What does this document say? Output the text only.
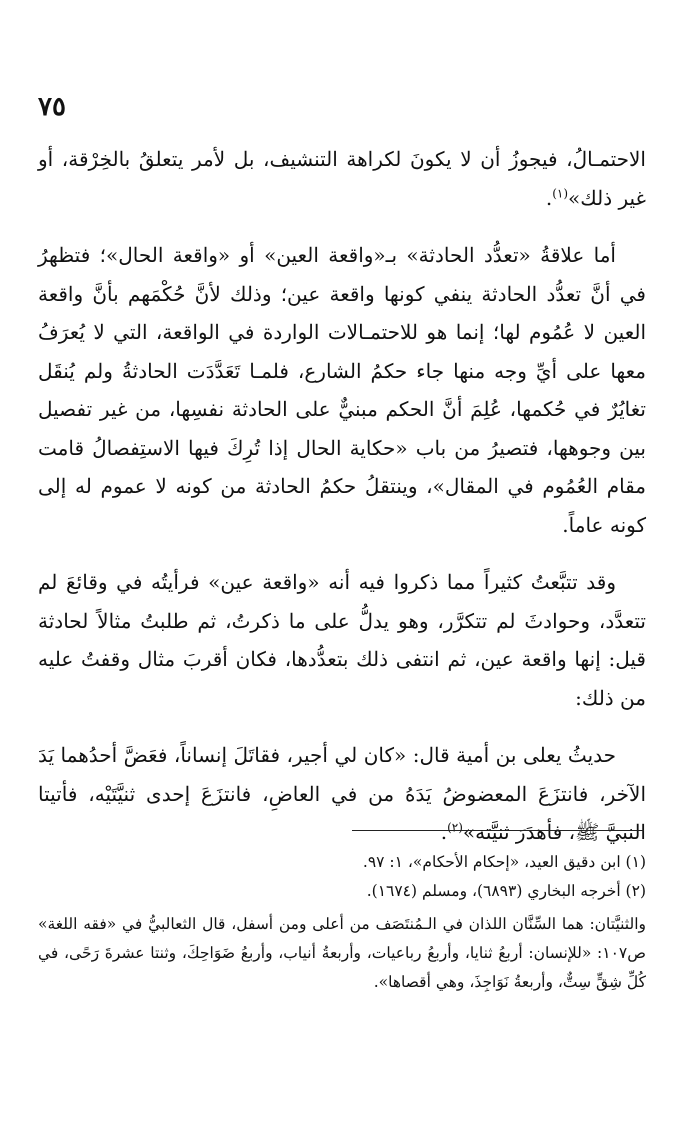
٧٥

الاحتمـالُ، فيجوزُ أن لا يكونَ لكراهة التنشيف، بل لأمر يتعلقُ بالخِرْقة، أو غير ذلك»$^{(١)}$.

أما علاقةُ «تعدُّد الحادثة» بـ«واقعة العين» أو «واقعة الحال»؛ فتظهرُ في أنَّ تعدُّد الحادثة ينفي كونها واقعة عين؛ وذلك لأنَّ حُكْمَهم بأنَّ واقعة العين لا عُمُوم لها؛ إنما هو للاحتمـالات الواردة في الواقعة، التي لا يُعرَفُ معها على أيِّ وجه منها جاء حكمُ الشارع، فلمـا تَعَدَّدَت الحادثةُ ولم يُنقَل تغايُرٌ في حُكمها، عُلِمَ أنَّ الحكم مبنيٌّ على الحادثة نفسِها، من غير تفصيل بين وجوهها، فتصيرُ من باب «حكاية الحال إذا تُرِكَ فيها الاستِفصالُ قامت مقام العُمُوم في المقال»، وينتقلُ حكمُ الحادثة من كونه لا عموم له إلى كونه عاماً.

وقد تتبَّعتُ كثيراً مما ذكروا فيه أنه «واقعة عين» فرأيتُه في وقائعَ لم تتعدَّد، وحوادثَ لم تتكرَّر، وهو يدلُّ على ما ذكرتُ، ثم طلبتُ مثالاً لحادثة قيل: إنها واقعة عين، ثم انتفى ذلك بتعدُّدها، فكان أقربَ مثال وقفتُ عليه من ذلك:

حديثُ يعلى بن أمية قال: «كان لي أجير، فقاتَلَ إنساناً، فعَضَّ أحدُهما يَدَ الآخر، فانتزَعَ المعضوضُ يَدَهُ من في العاضِ، فانتزَعَ إحدى ثنيَّتَيْه، فأتيتا النبيَّ ﷺ، فأهدَرَ ثنيَّته»$^{(٢)}$.

(١) ابن دقيق العيد، «إحكام الأحكام»، ١: ٩٧.

(٢) أخرجه البخاري (٦٨٩٣)، ومسلم (١٦٧٤).

والثنيَّتان: هما السِّنَّان اللذان في الـمُنتَصَف من أعلى ومن أسفل، قال الثعالبيُّ في «فقه اللغة» ص١٠٧: «للإنسان: أربعُ ثنايا، وأربعُ رباعيات، وأربعةُ أنياب، وأربعُ ضَوَاحِكَ، وثنتا عشرةَ رَحًى، في كُلِّ شِقٍّ سِتٌّ، وأربعةُ نَوَاجِذَ، وهي أقصاها».
